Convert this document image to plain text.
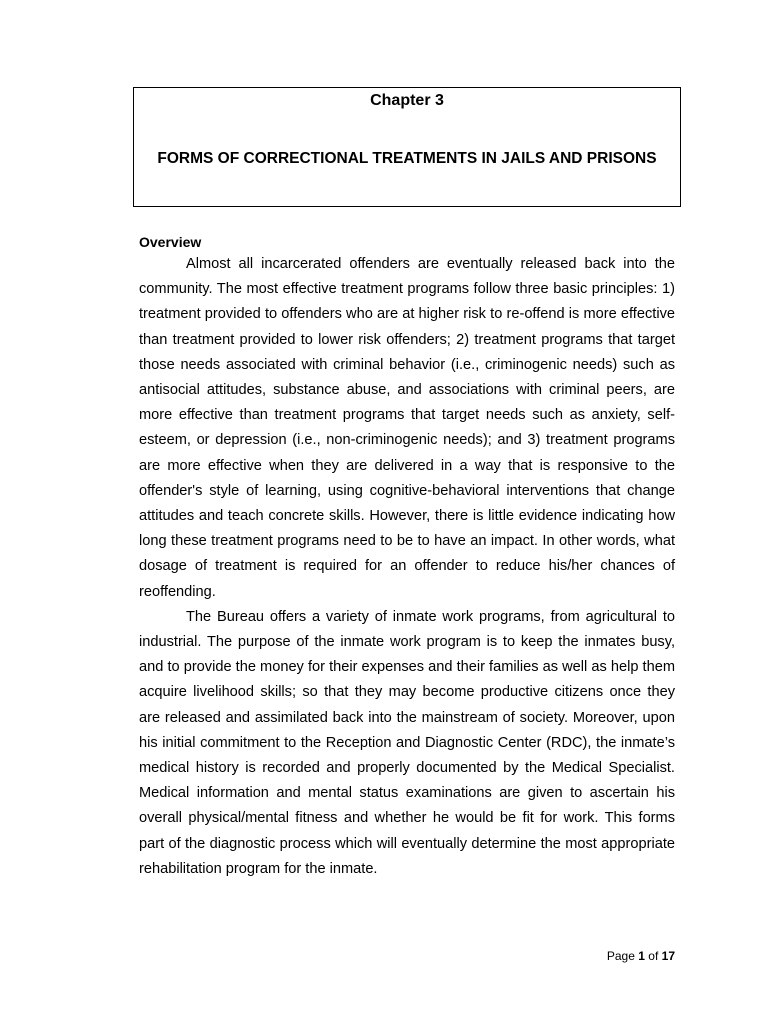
Chapter 3
FORMS OF CORRECTIONAL TREATMENTS IN JAILS AND PRISONS

Overview

Almost all incarcerated offenders are eventually released back into the community. The most effective treatment programs follow three basic principles: 1) treatment provided to offenders who are at higher risk to re-offend is more effective than treatment provided to lower risk offenders; 2) treatment programs that target those needs associated with criminal behavior (i.e., criminogenic needs) such as antisocial attitudes, substance abuse, and associations with criminal peers, are more effective than treatment programs that target needs such as anxiety, self-esteem, or depression (i.e., non-criminogenic needs); and 3) treatment programs are more effective when they are delivered in a way that is responsive to the offender's style of learning, using cognitive-behavioral interventions that change attitudes and teach concrete skills. However, there is little evidence indicating how long these treatment programs need to be to have an impact. In other words, what dosage of treatment is required for an offender to reduce his/her chances of reoffending.

The Bureau offers a variety of inmate work programs, from agricultural to industrial. The purpose of the inmate work program is to keep the inmates busy, and to provide the money for their expenses and their families as well as help them acquire livelihood skills; so that they may become productive citizens once they are released and assimilated back into the mainstream of society. Moreover, upon his initial commitment to the Reception and Diagnostic Center (RDC), the inmate’s medical history is recorded and properly documented by the Medical Specialist. Medical information and mental status examinations are given to ascertain his overall physical/mental fitness and whether he would be fit for work. This forms part of the diagnostic process which will eventually determine the most appropriate rehabilitation program for the inmate.

Page 1 of 17
